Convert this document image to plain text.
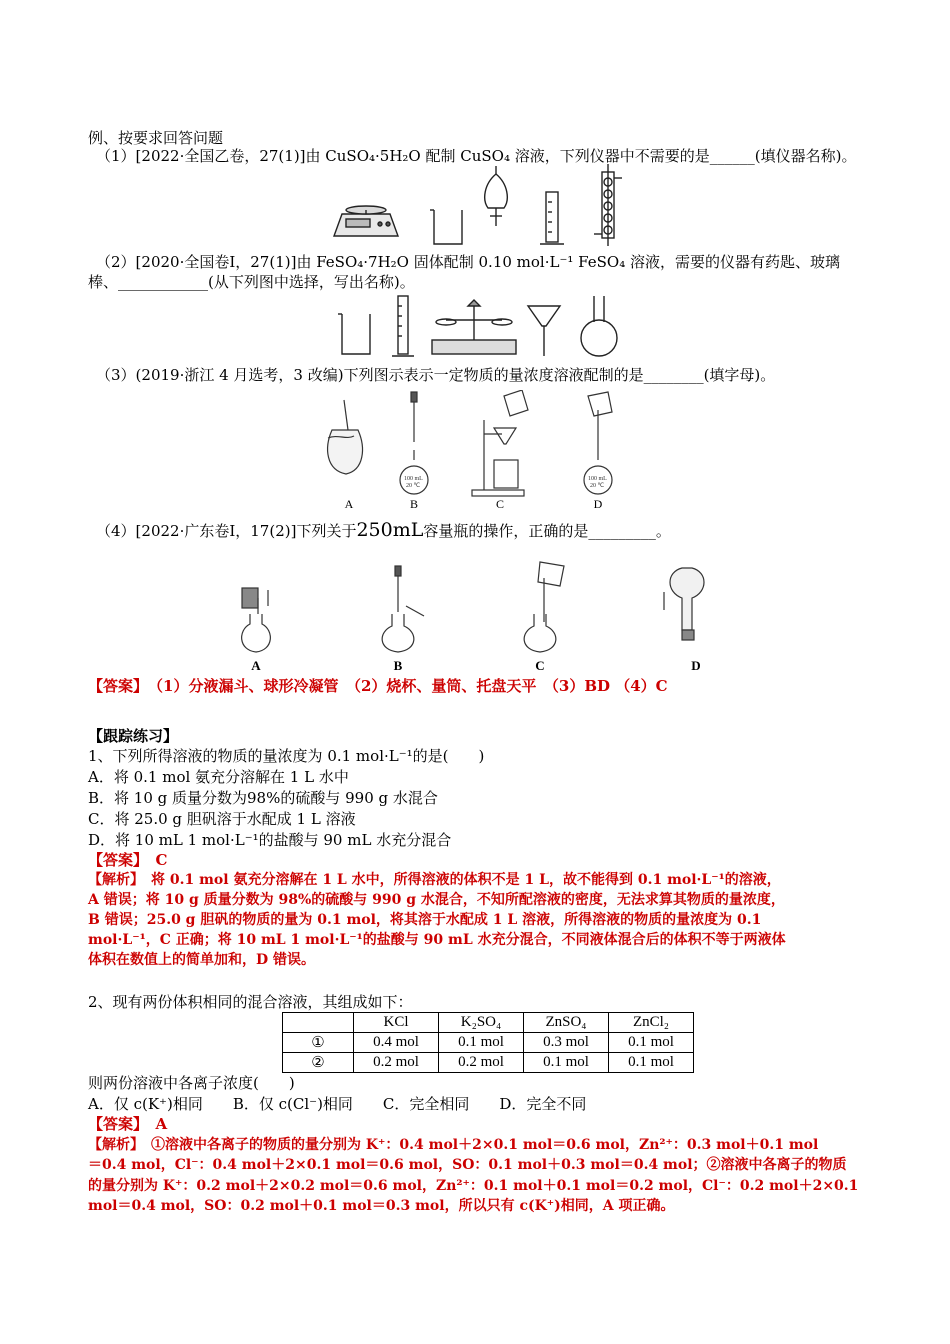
例、按要求回答问题
（1）[2022·全国乙卷，27(1)]由 CuSO₄·5H₂O 配制 CuSO₄ 溶液，下列仪器中不需要的是______(填仪器名称)。
（2）[2020·全国卷Ⅰ，27(1)]由 FeSO₄·7H₂O 固体配制 0.10 mol·L⁻¹ FeSO₄ 溶液，需要的仪器有药匙、玻璃
棒、____________(从下列图中选择，写出名称)。
（3）(2019·浙江 4 月选考，3 改编)下列图示表示一定物质的量浓度溶液配制的是________(填字母)。
100 mL
20 ℃
100 mL
20 ℃
A	B	C	D
（4）[2022·广东卷Ⅰ，17(2)]下列关于250mL容量瓶的操作，正确的是_________。
A	B	C	D
【答案】　（1）分液漏斗、球形冷凝管　（2）烧杯、量筒、托盘天平　（3）BD （4）C
【跟踪练习】
1、下列所得溶液的物质的量浓度为 0.1 mol·L⁻¹的是(　　)
A．将 0.1 mol 氨充分溶解在 1 L 水中
B．将 10 g 质量分数为98%的硫酸与 990 g 水混合
C．将 25.0 g 胆矾溶于水配成 1 L 溶液
D．将 10 mL 1 mol·L⁻¹的盐酸与 90 mL 水充分混合
【答案】　C
【解析】　将 0.1 mol 氨充分溶解在 1 L 水中，所得溶液的体积不是 1 L，故不能得到 0.1 mol·L⁻¹的溶液，
A 错误；将 10 g 质量分数为 98%的硫酸与 990 g 水混合，不知所配溶液的密度，无法求算其物质的量浓度，
B 错误；25.0 g 胆矾的物质的量为 0.1 mol，将其溶于水配成 1 L 溶液，所得溶液的物质的量浓度为 0.1
mol·L⁻¹，C 正确；将 10 mL 1 mol·L⁻¹的盐酸与 90 mL 水充分混合，不同液体混合后的体积不等于两液体
体积在数值上的简单加和，D 错误。
2、现有两份体积相同的混合溶液，其组成如下：
	KCl	K₂SO₄	ZnSO₄	ZnCl₂
①	0.4 mol	0.1 mol	0.3 mol	0.1 mol
②	0.2 mol	0.2 mol	0.1 mol	0.1 mol
则两份溶液中各离子浓度(　　)
A．仅 c(K⁺)相同　　B．仅 c(Cl⁻)相同　　C．完全相同　　D．完全不同
【答案】　A
【解析】　①溶液中各离子的物质的量分别为 K⁺：0.4 mol＋2×0.1 mol＝0.6 mol，Zn²⁺：0.3 mol＋0.1 mol
＝0.4 mol，Cl⁻：0.4 mol＋2×0.1 mol＝0.6 mol，SO：0.1 mol＋0.3 mol＝0.4 mol；②溶液中各离子的物质
的量分别为 K⁺：0.2 mol＋2×0.2 mol＝0.6 mol，Zn²⁺：0.1 mol＋0.1 mol＝0.2 mol，Cl⁻：0.2 mol＋2×0.1
mol＝0.4 mol，SO：0.2 mol＋0.1 mol＝0.3 mol，所以只有 c(K⁺)相同，A 项正确。
